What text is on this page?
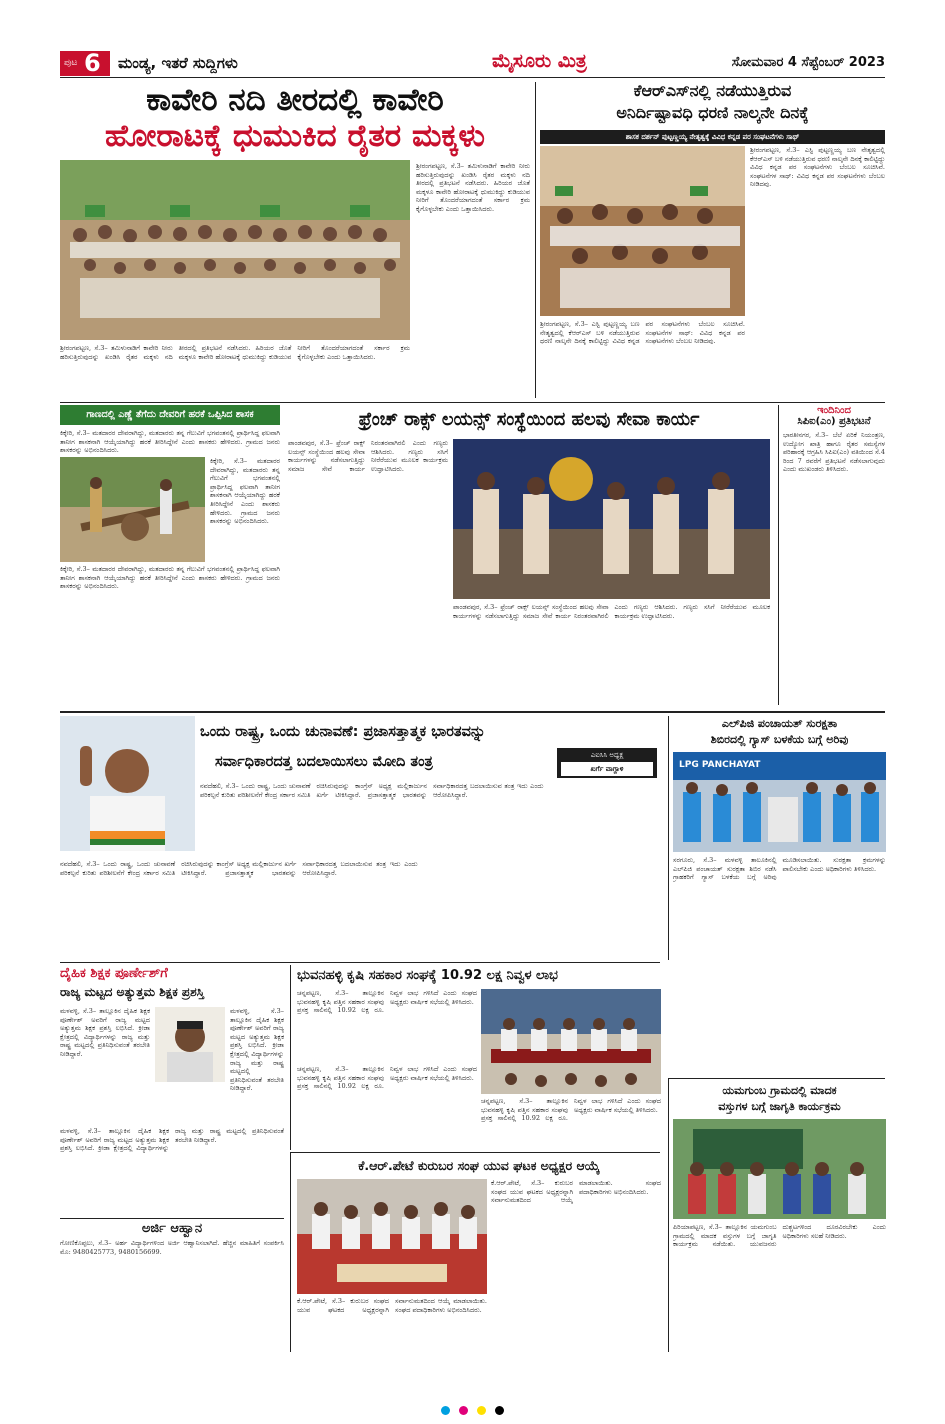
ಪುಟ 6 ಮಂಡ್ಯ, ಇತರೆ ಸುದ್ದಿಗಳು	ಮೈಸೂರು ಮಿತ್ರ	ಸೋಮವಾರ 4 ಸೆಪ್ಟೆಂಬರ್ 2023
ಕಾವೇರಿ ನದಿ ತೀರದಲ್ಲಿ ಕಾವೇರಿ
ಹೋರಾಟಕ್ಕೆ ಧುಮುಕಿದ ರೈತರ ಮಕ್ಕಳು
ಶ್ರೀರಂಗಪಟ್ಟಣ, ಸೆ.3– ತಮಿಳುನಾಡಿಗೆ ಕಾವೇರಿ ನೀರು ಹರಿಸುತ್ತಿರುವುದನ್ನು ಖಂಡಿಸಿ ರೈತರ ಮಕ್ಕಳು ನದಿ ತೀರದಲ್ಲಿ ಪ್ರತಿಭಟನೆ ನಡೆಸಿದರು. ಹಿರಿಯರ ಜೊತೆ ಮಕ್ಕಳೂ ಕಾವೇರಿ ಹೋರಾಟಕ್ಕೆ ಧುಮುಕಿದ್ದು ಕುಡಿಯುವ ನೀರಿಗೆ ತೊಂದರೆಯಾಗದಂತೆ ಸರ್ಕಾರ ಕ್ರಮ ಕೈಗೊಳ್ಳಬೇಕು ಎಂದು ಒತ್ತಾಯಿಸಿದರು.
ಶ್ರೀರಂಗಪಟ್ಟಣ, ಸೆ.3– ತಮಿಳುನಾಡಿಗೆ ಕಾವೇರಿ ನೀರು ಹರಿಸುತ್ತಿರುವುದನ್ನು ಖಂಡಿಸಿ ರೈತರ ಮಕ್ಕಳು ನದಿ ತೀರದಲ್ಲಿ ಪ್ರತಿಭಟನೆ ನಡೆಸಿದರು. ಹಿರಿಯರ ಜೊತೆ ಮಕ್ಕಳೂ ಕಾವೇರಿ ಹೋರಾಟಕ್ಕೆ ಧುಮುಕಿದ್ದು ಕುಡಿಯುವ ನೀರಿಗೆ ತೊಂದರೆಯಾಗದಂತೆ ಸರ್ಕಾರ ಕ್ರಮ ಕೈಗೊಳ್ಳಬೇಕು ಎಂದು ಒತ್ತಾಯಿಸಿದರು.
ಕೆಆರ್‌ಎಸ್‌ನಲ್ಲಿ ನಡೆಯುತ್ತಿರುವ
ಅನಿರ್ದಿಷ್ಟಾವಧಿ ಧರಣಿ ನಾಲ್ಕನೇ ದಿನಕ್ಕೆ
ಶಾಸಕ ದರ್ಶನ್ ಪುಟ್ಟಣ್ಣಯ್ಯ ನೇತೃತ್ವಕ್ಕೆ ವಿವಿಧ ಕನ್ನಡ ಪರ ಸಂಘಟನೆಗಳು ಸಾಥ್
ಶ್ರೀರಂಗಪಟ್ಟಣ, ಸೆ.3– ಎಸ್ಟಿ ಪುಟ್ಟಣ್ಣಯ್ಯ ಬಣ ನೇತೃತ್ವದಲ್ಲಿ ಕೆಆರ್‌ಎಸ್ ಬಳಿ ನಡೆಯುತ್ತಿರುವ ಧರಣಿ ನಾಲ್ಕನೇ ದಿನಕ್ಕೆ ಕಾಲಿಟ್ಟಿದ್ದು ವಿವಿಧ ಕನ್ನಡ ಪರ ಸಂಘಟನೆಗಳು ಬೆಂಬಲ ಸೂಚಿಸಿವೆ. ಸಂಘಟನೆಗಳ ಸಾಥ್: ವಿವಿಧ ಕನ್ನಡ ಪರ ಸಂಘಟನೆಗಳು ಬೆಂಬಲ ನೀಡಿದವು.
ಶ್ರೀರಂಗಪಟ್ಟಣ, ಸೆ.3– ಎಸ್ಟಿ ಪುಟ್ಟಣ್ಣಯ್ಯ ಬಣ ನೇತೃತ್ವದಲ್ಲಿ ಕೆಆರ್‌ಎಸ್ ಬಳಿ ನಡೆಯುತ್ತಿರುವ ಧರಣಿ ನಾಲ್ಕನೇ ದಿನಕ್ಕೆ ಕಾಲಿಟ್ಟಿದ್ದು ವಿವಿಧ ಕನ್ನಡ ಪರ ಸಂಘಟನೆಗಳು ಬೆಂಬಲ ಸೂಚಿಸಿವೆ. ಸಂಘಟನೆಗಳ ಸಾಥ್: ವಿವಿಧ ಕನ್ನಡ ಪರ ಸಂಘಟನೆಗಳು ಬೆಂಬಲ ನೀಡಿದವು.
ಗಾಣದಲ್ಲಿ ಎಣ್ಣೆ ತೆಗೆದು ದೇವರಿಗೆ ಹರಕೆ ಒಪ್ಪಿಸಿದ ಶಾಸಕ
ಕಿಕ್ಕೇರಿ, ಸೆ.3– ಮತದಾರರ ದೇವರಾಗಿದ್ದು, ಮತದಾರರು ತನ್ನ ಗೆಲುವಿಗೆ ಭಗವಂತನಲ್ಲಿ ಪ್ರಾರ್ಥಿಸಿದ್ದ ಫಲವಾಗಿ ತಾನೀಗ ಶಾಸಕನಾಗಿ ಆಯ್ಕೆಯಾಗಿದ್ದು ಹರಕೆ ತೀರಿಸಿದ್ದೇನೆ ಎಂದು ಶಾಸಕರು ಹೇಳಿದರು. ಗ್ರಾಮದ ಜನರು ಶಾಸಕರನ್ನು ಅಭಿನಂದಿಸಿದರು.
ಕಿಕ್ಕೇರಿ, ಸೆ.3– ಮತದಾರರ ದೇವರಾಗಿದ್ದು, ಮತದಾರರು ತನ್ನ ಗೆಲುವಿಗೆ ಭಗವಂತನಲ್ಲಿ ಪ್ರಾರ್ಥಿಸಿದ್ದ ಫಲವಾಗಿ ತಾನೀಗ ಶಾಸಕನಾಗಿ ಆಯ್ಕೆಯಾಗಿದ್ದು ಹರಕೆ ತೀರಿಸಿದ್ದೇನೆ ಎಂದು ಶಾಸಕರು ಹೇಳಿದರು. ಗ್ರಾಮದ ಜನರು ಶಾಸಕರನ್ನು ಅಭಿನಂದಿಸಿದರು.
ಕಿಕ್ಕೇರಿ, ಸೆ.3– ಮತದಾರರ ದೇವರಾಗಿದ್ದು, ಮತದಾರರು ತನ್ನ ಗೆಲುವಿಗೆ ಭಗವಂತನಲ್ಲಿ ಪ್ರಾರ್ಥಿಸಿದ್ದ ಫಲವಾಗಿ ತಾನೀಗ ಶಾಸಕನಾಗಿ ಆಯ್ಕೆಯಾಗಿದ್ದು ಹರಕೆ ತೀರಿಸಿದ್ದೇನೆ ಎಂದು ಶಾಸಕರು ಹೇಳಿದರು. ಗ್ರಾಮದ ಜನರು ಶಾಸಕರನ್ನು ಅಭಿನಂದಿಸಿದರು.
ಫ್ರೆಂಚ್ ರಾಕ್ಸ್ ಲಯನ್ಸ್ ಸಂಸ್ಥೆಯಿಂದ ಹಲವು ಸೇವಾ ಕಾರ್ಯ
ಪಾಂಡವಪುರ, ಸೆ.3– ಫ್ರೆಂಚ್ ರಾಕ್ಸ್ ಲಯನ್ಸ್ ಸಂಸ್ಥೆಯಿಂದ ಹಲವು ಸೇವಾ ಕಾರ್ಯಗಳನ್ನು ನಡೆಸಲಾಗುತ್ತಿದ್ದು ಸಮಾಜ ಸೇವೆ ಕಾರ್ಯ ನಿರಂತರವಾಗಿರಲಿ ಎಂದು ಗಣ್ಯರು ಆಶಿಸಿದರು. ಗಣ್ಯರು ಸಸಿಗೆ ನೀರೆರೆಯುವ ಮೂಲಕ ಕಾರ್ಯಕ್ರಮ ಉದ್ಘಾಟಿಸಿದರು.
ಪಾಂಡವಪುರ, ಸೆ.3– ಫ್ರೆಂಚ್ ರಾಕ್ಸ್ ಲಯನ್ಸ್ ಸಂಸ್ಥೆಯಿಂದ ಹಲವು ಸೇವಾ ಕಾರ್ಯಗಳನ್ನು ನಡೆಸಲಾಗುತ್ತಿದ್ದು ಸಮಾಜ ಸೇವೆ ಕಾರ್ಯ ನಿರಂತರವಾಗಿರಲಿ ಎಂದು ಗಣ್ಯರು ಆಶಿಸಿದರು. ಗಣ್ಯರು ಸಸಿಗೆ ನೀರೆರೆಯುವ ಮೂಲಕ ಕಾರ್ಯಕ್ರಮ ಉದ್ಘಾಟಿಸಿದರು.
ಇಂದಿನಿಂದ
ಸಿಪಿಐ(ಎಂ) ಪ್ರತಿಭಟನೆ
ಭಾರತೀನಗರ, ಸೆ.3– ಬೆಲೆ ಏರಿಕೆ ನಿಯಂತ್ರಣ, ಉದ್ಯೋಗ ಖಾತ್ರಿ ಹಾಗೂ ರೈತರ ಸಮಸ್ಯೆಗಳ ಪರಿಹಾರಕ್ಕೆ ಆಗ್ರಹಿಸಿ ಸಿಪಿಐ(ಎಂ) ವತಿಯಿಂದ ಸೆ.4 ರಿಂದ 7 ರವರೆಗೆ ಪ್ರತಿಭಟನೆ ನಡೆಸಲಾಗುವುದು ಎಂದು ಮುಖಂಡರು ತಿಳಿಸಿದರು.
ಒಂದು ರಾಷ್ಟ್ರ, ಒಂದು ಚುನಾವಣೆ: ಪ್ರಜಾಸತ್ತಾತ್ಮಕ ಭಾರತವನ್ನು
ಸರ್ವಾಧಿಕಾರದತ್ತ ಬದಲಾಯಿಸಲು ಮೋದಿ ತಂತ್ರ	ಎಐಸಿಸಿ ಅಧ್ಯಕ್ಷ
ಖರ್ಗೆ ವಾಗ್ದಾಳಿ
ನವದೆಹಲಿ, ಸೆ.3– ಒಂದು ರಾಷ್ಟ್ರ, ಒಂದು ಚುನಾವಣೆ ಪರಿಕಲ್ಪನೆ ಕುರಿತು ಪರಿಶೀಲನೆಗೆ ಕೇಂದ್ರ ಸರ್ಕಾರ ಸಮಿತಿ ರಚಿಸಿರುವುದನ್ನು ಕಾಂಗ್ರೆಸ್ ಅಧ್ಯಕ್ಷ ಮಲ್ಲಿಕಾರ್ಜುನ ಖರ್ಗೆ ಟೀಕಿಸಿದ್ದಾರೆ. ಪ್ರಜಾಸತ್ತಾತ್ಮಕ ಭಾರತವನ್ನು ಸರ್ವಾಧಿಕಾರದತ್ತ ಬದಲಾಯಿಸುವ ತಂತ್ರ ಇದು ಎಂದು ಆರೋಪಿಸಿದ್ದಾರೆ.
ನವದೆಹಲಿ, ಸೆ.3– ಒಂದು ರಾಷ್ಟ್ರ, ಒಂದು ಚುನಾವಣೆ ಪರಿಕಲ್ಪನೆ ಕುರಿತು ಪರಿಶೀಲನೆಗೆ ಕೇಂದ್ರ ಸರ್ಕಾರ ಸಮಿತಿ ರಚಿಸಿರುವುದನ್ನು ಕಾಂಗ್ರೆಸ್ ಅಧ್ಯಕ್ಷ ಮಲ್ಲಿಕಾರ್ಜುನ ಖರ್ಗೆ ಟೀಕಿಸಿದ್ದಾರೆ. ಪ್ರಜಾಸತ್ತಾತ್ಮಕ ಭಾರತವನ್ನು ಸರ್ವಾಧಿಕಾರದತ್ತ ಬದಲಾಯಿಸುವ ತಂತ್ರ ಇದು ಎಂದು ಆರೋಪಿಸಿದ್ದಾರೆ.
ಎಲ್‌ಪಿಜಿ ಪಂಚಾಯತ್ ಸುರಕ್ಷತಾ
ಶಿಬಿರದಲ್ಲಿ ಗ್ಯಾಸ್ ಬಳಕೆಯ ಬಗ್ಗೆ ಅರಿವು
LPG PANCHAYAT
ಸರಗೂರು, ಸೆ.3– ಮಳವಳ್ಳಿ ತಾಲೂಕಿನಲ್ಲಿ ಎಲ್‌ಪಿಜಿ ಪಂಚಾಯತ್ ಸುರಕ್ಷತಾ ಶಿಬಿರ ನಡೆಸಿ ಗ್ರಾಹಕರಿಗೆ ಗ್ಯಾಸ್ ಬಳಕೆಯ ಬಗ್ಗೆ ಅರಿವು ಮೂಡಿಸಲಾಯಿತು. ಸುರಕ್ಷತಾ ಕ್ರಮಗಳನ್ನು ಪಾಲಿಸಬೇಕು ಎಂದು ಅಧಿಕಾರಿಗಳು ತಿಳಿಸಿದರು.
ದೈಹಿಕ ಶಿಕ್ಷಕ ಪೂರ್ಣೇಶ್‌ಗೆ
ರಾಜ್ಯ ಮಟ್ಟದ ಅತ್ಯುತ್ತಮ ಶಿಕ್ಷಕ ಪ್ರಶಸ್ತಿ
ಮಳವಳ್ಳಿ, ಸೆ.3– ತಾಲ್ಲೂಕಿನ ದೈಹಿಕ ಶಿಕ್ಷಕ ಪೂರ್ಣೇಶ್ ಅವರಿಗೆ ರಾಜ್ಯ ಮಟ್ಟದ ಅತ್ಯುತ್ತಮ ಶಿಕ್ಷಕ ಪ್ರಶಸ್ತಿ ಲಭಿಸಿದೆ. ಕ್ರೀಡಾ ಕ್ಷೇತ್ರದಲ್ಲಿ ವಿದ್ಯಾರ್ಥಿಗಳನ್ನು ರಾಜ್ಯ ಮತ್ತು ರಾಷ್ಟ್ರ ಮಟ್ಟದಲ್ಲಿ ಪ್ರತಿನಿಧಿಸುವಂತೆ ತರಬೇತಿ ನೀಡಿದ್ದಾರೆ.
ಮಳವಳ್ಳಿ, ಸೆ.3– ತಾಲ್ಲೂಕಿನ ದೈಹಿಕ ಶಿಕ್ಷಕ ಪೂರ್ಣೇಶ್ ಅವರಿಗೆ ರಾಜ್ಯ ಮಟ್ಟದ ಅತ್ಯುತ್ತಮ ಶಿಕ್ಷಕ ಪ್ರಶಸ್ತಿ ಲಭಿಸಿದೆ. ಕ್ರೀಡಾ ಕ್ಷೇತ್ರದಲ್ಲಿ ವಿದ್ಯಾರ್ಥಿಗಳನ್ನು ರಾಜ್ಯ ಮತ್ತು ರಾಷ್ಟ್ರ ಮಟ್ಟದಲ್ಲಿ ಪ್ರತಿನಿಧಿಸುವಂತೆ ತರಬೇತಿ ನೀಡಿದ್ದಾರೆ.
ಮಳವಳ್ಳಿ, ಸೆ.3– ತಾಲ್ಲೂಕಿನ ದೈಹಿಕ ಶಿಕ್ಷಕ ಪೂರ್ಣೇಶ್ ಅವರಿಗೆ ರಾಜ್ಯ ಮಟ್ಟದ ಅತ್ಯುತ್ತಮ ಶಿಕ್ಷಕ ಪ್ರಶಸ್ತಿ ಲಭಿಸಿದೆ. ಕ್ರೀಡಾ ಕ್ಷೇತ್ರದಲ್ಲಿ ವಿದ್ಯಾರ್ಥಿಗಳನ್ನು ರಾಜ್ಯ ಮತ್ತು ರಾಷ್ಟ್ರ ಮಟ್ಟದಲ್ಲಿ ಪ್ರತಿನಿಧಿಸುವಂತೆ ತರಬೇತಿ ನೀಡಿದ್ದಾರೆ.
ಭುವನಹಳ್ಳಿ ಕೃಷಿ ಸಹಕಾರ ಸಂಘಕ್ಕೆ 10.92 ಲಕ್ಷ ನಿವ್ವಳ ಲಾಭ
ಚನ್ನಪಟ್ಟಣ, ಸೆ.3– ತಾಲ್ಲೂಕಿನ ಭುವನಹಳ್ಳಿ ಕೃಷಿ ಪತ್ತಿನ ಸಹಕಾರ ಸಂಘವು ಪ್ರಸಕ್ತ ಸಾಲಿನಲ್ಲಿ 10.92 ಲಕ್ಷ ರೂ. ನಿವ್ವಳ ಲಾಭ ಗಳಿಸಿದೆ ಎಂದು ಸಂಘದ ಅಧ್ಯಕ್ಷರು ವಾರ್ಷಿಕ ಸಭೆಯಲ್ಲಿ ತಿಳಿಸಿದರು.
ಚನ್ನಪಟ್ಟಣ, ಸೆ.3– ತಾಲ್ಲೂಕಿನ ಭುವನಹಳ್ಳಿ ಕೃಷಿ ಪತ್ತಿನ ಸಹಕಾರ ಸಂಘವು ಪ್ರಸಕ್ತ ಸಾಲಿನಲ್ಲಿ 10.92 ಲಕ್ಷ ರೂ. ನಿವ್ವಳ ಲಾಭ ಗಳಿಸಿದೆ ಎಂದು ಸಂಘದ ಅಧ್ಯಕ್ಷರು ವಾರ್ಷಿಕ ಸಭೆಯಲ್ಲಿ ತಿಳಿಸಿದರು.
ಚನ್ನಪಟ್ಟಣ, ಸೆ.3– ತಾಲ್ಲೂಕಿನ ಭುವನಹಳ್ಳಿ ಕೃಷಿ ಪತ್ತಿನ ಸಹಕಾರ ಸಂಘವು ಪ್ರಸಕ್ತ ಸಾಲಿನಲ್ಲಿ 10.92 ಲಕ್ಷ ರೂ. ನಿವ್ವಳ ಲಾಭ ಗಳಿಸಿದೆ ಎಂದು ಸಂಘದ ಅಧ್ಯಕ್ಷರು ವಾರ್ಷಿಕ ಸಭೆಯಲ್ಲಿ ತಿಳಿಸಿದರು.
ಕೆ.ಆರ್.ಪೇಟೆ ಕುರುಬರ ಸಂಘ ಯುವ ಘಟಕ ಅಧ್ಯಕ್ಷರ ಆಯ್ಕೆ
ಕೆ.ಆರ್.ಪೇಟೆ, ಸೆ.3– ಕುರುಬರ ಸಂಘದ ಯುವ ಘಟಕದ ಅಧ್ಯಕ್ಷರನ್ನಾಗಿ ಸರ್ವಾನುಮತದಿಂದ ಆಯ್ಕೆ ಮಾಡಲಾಯಿತು. ಸಂಘದ ಪದಾಧಿಕಾರಿಗಳು ಅಭಿನಂದಿಸಿದರು.
ಕೆ.ಆರ್.ಪೇಟೆ, ಸೆ.3– ಕುರುಬರ ಸಂಘದ ಯುವ ಘಟಕದ ಅಧ್ಯಕ್ಷರನ್ನಾಗಿ ಸರ್ವಾನುಮತದಿಂದ ಆಯ್ಕೆ ಮಾಡಲಾಯಿತು. ಸಂಘದ ಪದಾಧಿಕಾರಿಗಳು ಅಭಿನಂದಿಸಿದರು.
ಅರ್ಜಿ ಆಹ್ವಾನ
ಗೋಣಿಕೊಪ್ಪಲು, ಸೆ.3– ಅರ್ಹ ವಿದ್ಯಾರ್ಥಿಗಳಿಂದ ಅರ್ಜಿ ಆಹ್ವಾನಿಸಲಾಗಿದೆ. ಹೆಚ್ಚಿನ ಮಾಹಿತಿಗೆ ಸಂಪರ್ಕಿಸಿ ಮೊ: 9480425773, 9480156699.
ಯಮಗುಂಬ ಗ್ರಾಮದಲ್ಲಿ ಮಾದಕ
ವಸ್ತುಗಳ ಬಗ್ಗೆ ಜಾಗೃತಿ ಕಾರ್ಯಕ್ರಮ
ಪಿರಿಯಾಪಟ್ಟಣ, ಸೆ.3– ತಾಲ್ಲೂಕಿನ ಯಮಗುಂಬ ಗ್ರಾಮದಲ್ಲಿ ಮಾದಕ ವಸ್ತುಗಳ ಬಗ್ಗೆ ಜಾಗೃತಿ ಕಾರ್ಯಕ್ರಮ ನಡೆಯಿತು. ಯುವಜನರು ದುಶ್ಚಟಗಳಿಂದ ದೂರವಿರಬೇಕು ಎಂದು ಅಧಿಕಾರಿಗಳು ಸಲಹೆ ನೀಡಿದರು.
